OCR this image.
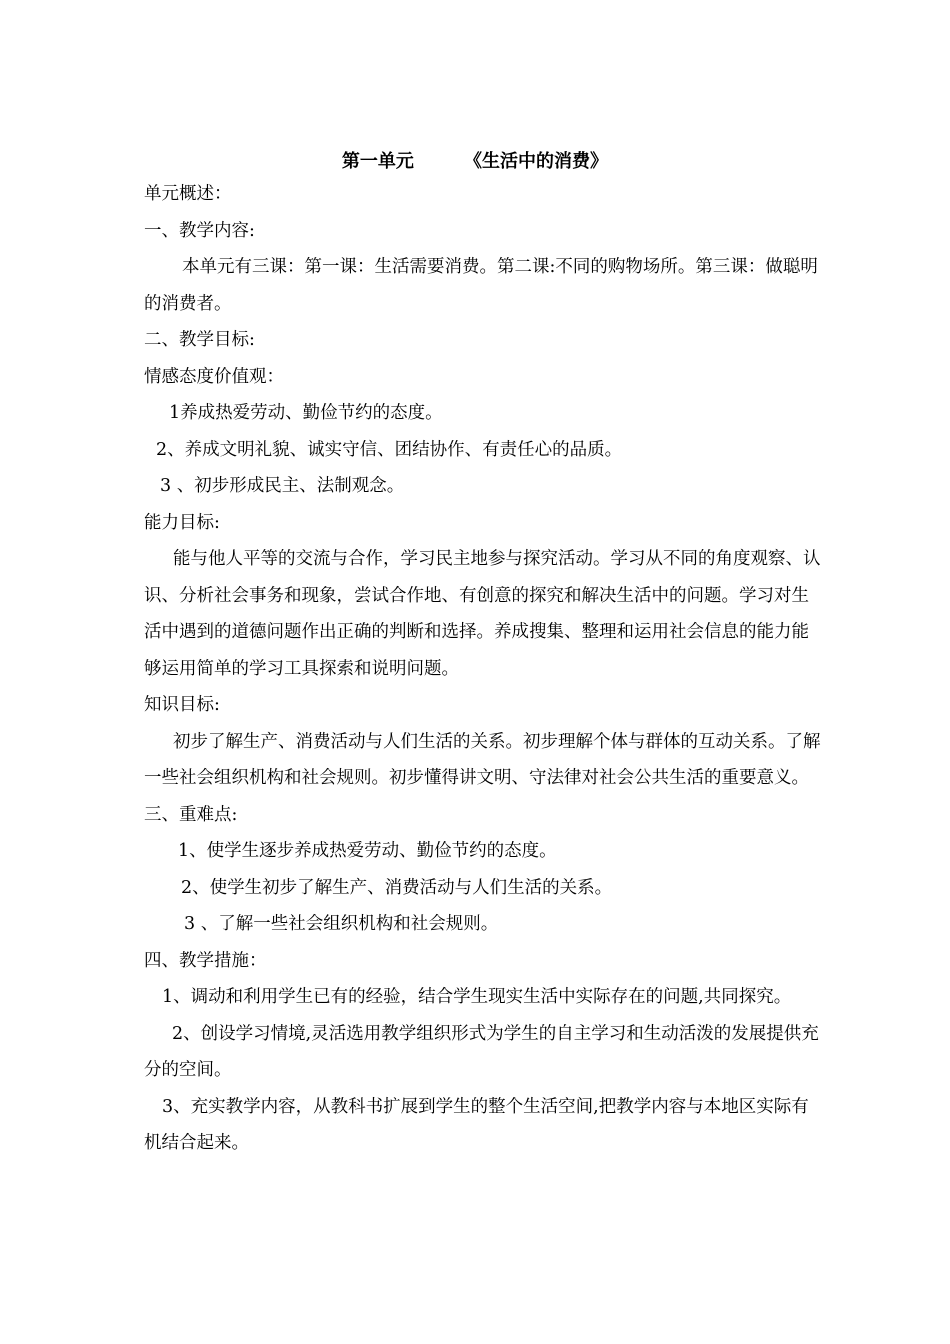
第一单元        《生活中的消费》

单元概述：

一、教学内容:

本单元有三课：第一课：生活需要消费。第二课:不同的购物场所。第三课：做聪明的消费者。

二、教学目标:

情感态度价值观：

1养成热爱劳动、勤俭节约的态度。

2、养成文明礼貌、诚实守信、团结协作、有责任心的品质。

3 、初步形成民主、法制观念。

能力目标:

能与他人平等的交流与合作，学习民主地参与探究活动。学习从不同的角度观察、认识、分析社会事务和现象，尝试合作地、有创意的探究和解决生活中的问题。学习对生活中遇到的道德问题作出正确的判断和选择。养成搜集、整理和运用社会信息的能力能够运用简单的学习工具探索和说明问题。

知识目标:

初步了解生产、消费活动与人们生活的关系。初步理解个体与群体的互动关系。了解一些社会组织机构和社会规则。初步懂得讲文明、守法律对社会公共生活的重要意义。

三、重难点:

1、使学生逐步养成热爱劳动、勤俭节约的态度。

2、使学生初步了解生产、消费活动与人们生活的关系。

3 、了解一些社会组织机构和社会规则。

四、教学措施：

1、调动和利用学生已有的经验，结合学生现实生活中实际存在的问题,共同探究。

2、创设学习情境,灵活选用教学组织形式为学生的自主学习和生动活泼的发展提供充分的空间。

3、充实教学内容，从教科书扩展到学生的整个生活空间,把教学内容与本地区实际有机结合起来。
